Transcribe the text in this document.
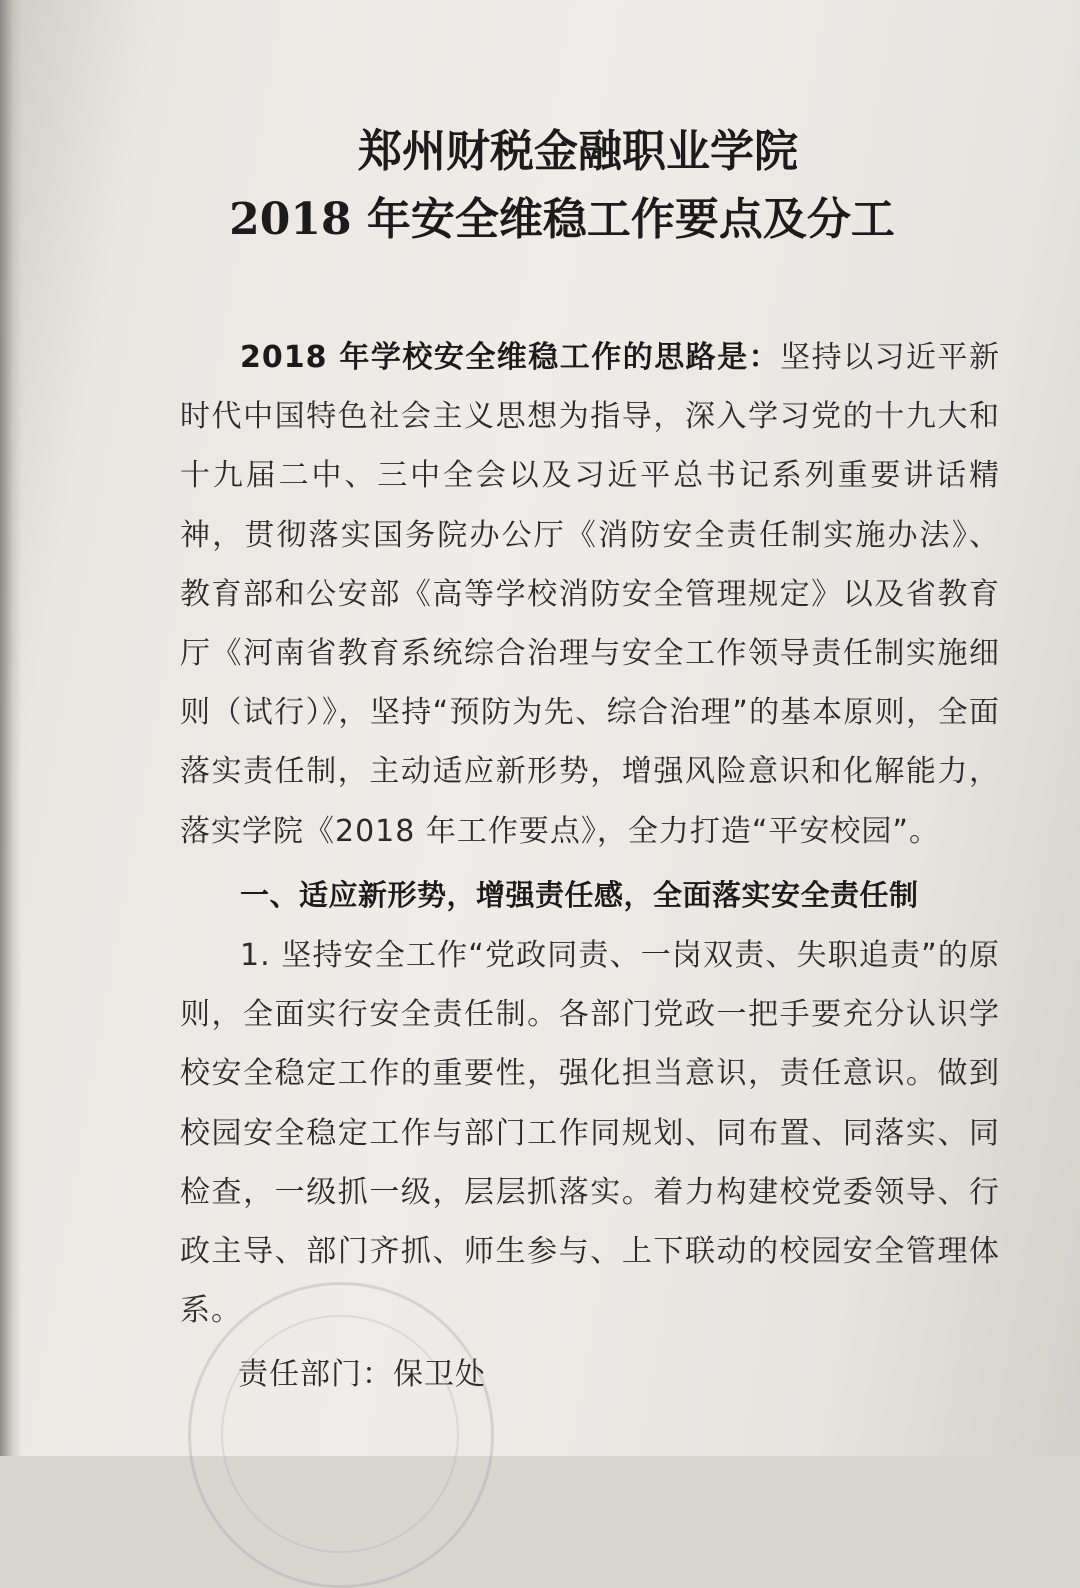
郑州财税金融职业学院
2018 年安全维稳工作要点及分工

2018 年学校安全维稳工作的思路是：坚持以习近平新时代中国特色社会主义思想为指导，深入学习党的十九大和十九届二中、三中全会以及习近平总书记系列重要讲话精神，贯彻落实国务院办公厅《消防安全责任制实施办法》、教育部和公安部《高等学校消防安全管理规定》以及省教育厅《河南省教育系统综合治理与安全工作领导责任制实施细则（试行）》，坚持“预防为先、综合治理”的基本原则，全面落实责任制，主动适应新形势，增强风险意识和化解能力，落实学院《2018 年工作要点》，全力打造“平安校园”。

一、适应新形势，增强责任感，全面落实安全责任制

1. 坚持安全工作“党政同责、一岗双责、失职追责”的原则，全面实行安全责任制。各部门党政一把手要充分认识学校安全稳定工作的重要性，强化担当意识，责任意识。做到校园安全稳定工作与部门工作同规划、同布置、同落实、同检查，一级抓一级，层层抓落实。着力构建校党委领导、行政主导、部门齐抓、师生参与、上下联动的校园安全管理体系。

责任部门：保卫处
